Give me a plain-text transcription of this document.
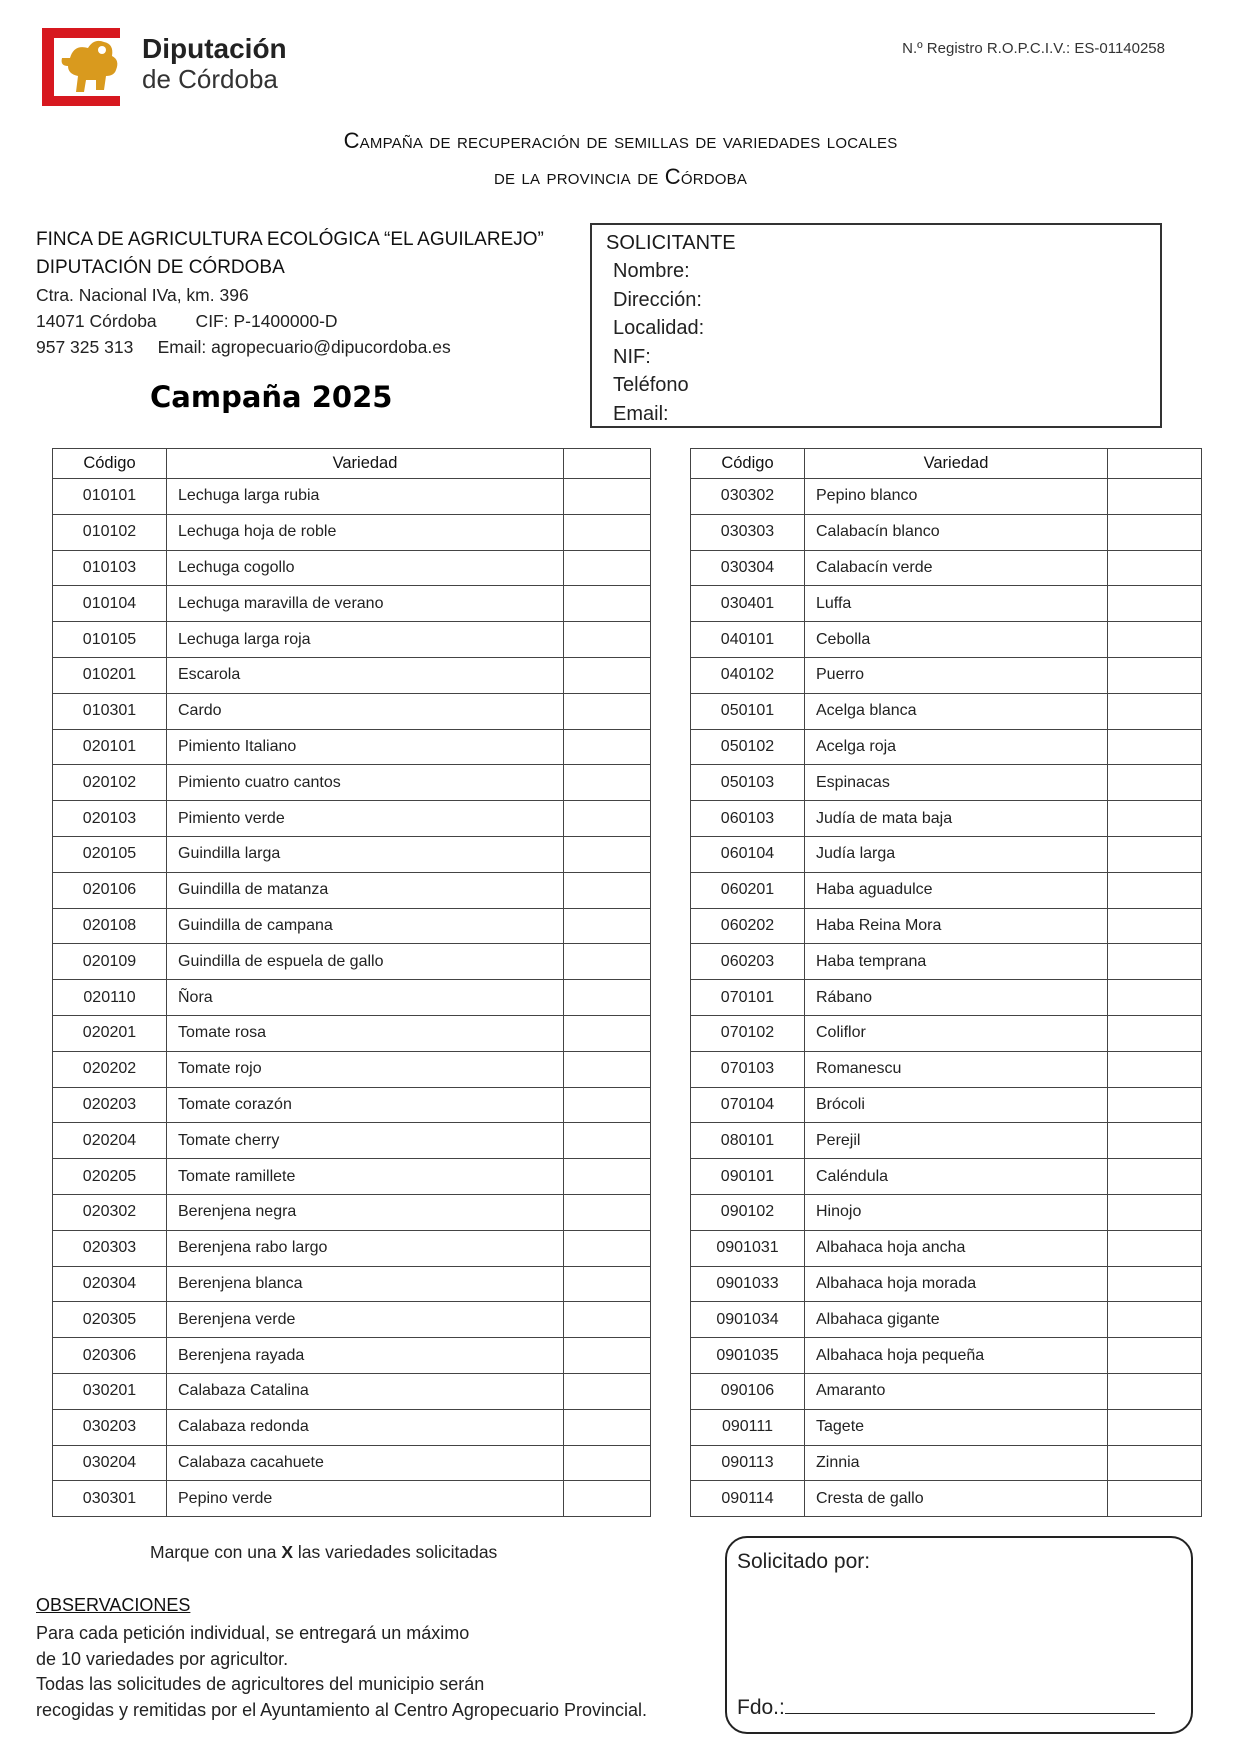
Diputación
de Córdoba
N.º Registro R.O.P.C.I.V.: ES-01140258
Campaña de recuperación de semillas de variedades locales
de la provincia de Córdoba
FINCA DE AGRICULTURA ECOLÓGICA “EL AGUILAREJO”
DIPUTACIÓN DE CÓRDOBA
Ctra. Nacional IVa, km. 396
14071 Córdoba        CIF: P-1400000-D
957 325 313     Email: agropecuario@dipucordoba.es
Campaña 2025
SOLICITANTE
Nombre:
Dirección:
Localidad:
NIF:
Teléfono
Email:
Código	Variedad	
010101	Lechuga larga rubia	
010102	Lechuga hoja de roble	
010103	Lechuga cogollo	
010104	Lechuga maravilla de verano	
010105	Lechuga larga roja	
010201	Escarola	
010301	Cardo	
020101	Pimiento Italiano	
020102	Pimiento cuatro cantos	
020103	Pimiento verde	
020105	Guindilla larga	
020106	Guindilla de matanza	
020108	Guindilla de campana	
020109	Guindilla de espuela de gallo	
020110	Ñora	
020201	Tomate rosa	
020202	Tomate rojo	
020203	Tomate corazón	
020204	Tomate cherry	
020205	Tomate ramillete	
020302	Berenjena negra	
020303	Berenjena rabo largo	
020304	Berenjena blanca	
020305	Berenjena verde	
020306	Berenjena rayada	
030201	Calabaza Catalina	
030203	Calabaza redonda	
030204	Calabaza cacahuete	
030301	Pepino verde	
Código	Variedad	
030302	Pepino blanco	
030303	Calabacín blanco	
030304	Calabacín verde	
030401	Luffa	
040101	Cebolla	
040102	Puerro	
050101	Acelga blanca	
050102	Acelga roja	
050103	Espinacas	
060103	Judía de mata baja	
060104	Judía larga	
060201	Haba aguadulce	
060202	Haba Reina Mora	
060203	Haba temprana	
070101	Rábano	
070102	Coliflor	
070103	Romanescu	
070104	Brócoli	
080101	Perejil	
090101	Caléndula	
090102	Hinojo	
0901031	Albahaca hoja ancha	
0901033	Albahaca hoja morada	
0901034	Albahaca gigante	
0901035	Albahaca hoja pequeña	
090106	Amaranto	
090111	Tagete	
090113	Zinnia	
090114	Cresta de gallo	
Marque con una X las variedades solicitadas
OBSERVACIONES
Para cada petición individual, se entregará un máximo
de 10 variedades por agricultor.
Todas las solicitudes de agricultores del municipio serán
recogidas y remitidas por el Ayuntamiento al Centro Agropecuario Provincial.
Solicitado por:
Fdo.:
